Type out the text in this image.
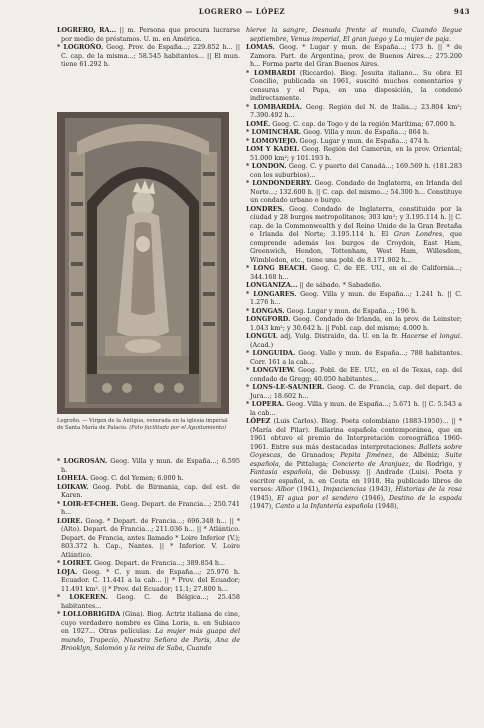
LOGRERO — LÓPEZ	943

LOGRERO, RA... || m. Persona que procura lucrarse por medio de préstamos. U. m. en América.

* LOGROÑO. Geog. Prov. de España...; 229.852 h... || C. cap. de la misma...; 58.545 habitantes... || El mun. tiene 61.292 h.

Logroño. — Virgen de la Antigua, venerada en la iglesia imperial de Santa María de Palacio. (Foto facilitada por el Ayuntamiento)

* LOGROSÁN. Geog. Villa y mun. de España...; 6.595 h.

LOHEIA. Geog. C. del Yemen; 6.000 h.

LOIKAW. Geog. Pobl. de Birmania, cap. del est. de Karen.

* LOIR-ET-CHER. Geog. Depart. de Francia...; 250.741 h...

LOIRE. Geog. * Depart. de Francia...; 696.348 h... || * (Alto). Depart. de Francia...; 211.036 h... || * Atlántico. Depart. de Francia, antes llamado * Loire Inferior (V.); 803.372 h. Cap., Nantes. || * Inferior. V. Loire Atlántico.

* LOIRET. Geog. Depart. de Francia...; 389.854 h...

LOJA. Geog. * C. y mun. de España...; 25.976 h. Ecuador. C. 11.441 a la cab... || * Prov. del Ecuador; 11.491 km². || * Prov. del Ecuador; 11.1; 27.800 h...

* LOKEREN. Geog. C. de Bélgica...; 25.458 habitantes...

* LOLLOBRIGIDA (Gina). Biog. Actriz italiana de cine, cuyo verdadero nombre es Gina Loris, n. en Subiaco en 1927... Otras películas: La mujer más guapa del mundo, Trapecio, Nuestra Señora de París, Ana de Brooklyn, Salomón y la reina de Saba, Cuando

hierve la sangre, Desnuda frente al mundo, Cuando llegue septiembre, Venus imperial, El gran juego y La mujer de paja.

LOMAS. Geog. * Lugar y mun. de España...; 173 h. || * de Zamora. Part. de Argentina, prov. de Buenos Aires...; 275.200 h... Forma parte del Gran Buenos Aires.

* LOMBARDI (Riccardo). Biog. Jesuita italiano... Su obra El Concilio, publicada en 1961, suscitó muchos comentarios y censuras y el Papa, en una disposición, la condenó indirectamente.

* LOMBARDÍA. Geog. Región del N. de Italia...; 23.804 km²; 7.390.492 h...

LOMÉ. Geog. C. cap. de Togo y de la región Marítima; 67.000 h.

* LOMINCHAR. Geog. Villa y mun. de España...; 864 h.

* LOMOVIEJO. Geog. Lugar y mun. de España...; 474 h.

LOM Y KADEI. Geog. Región del Camerún, en la prov. Oriental; 51.000 km²; y 101.193 h.

* LONDON. Geog. C. y puerto del Canadá...; 169.569 h. (181.283 con los suburbios)...

* LONDONDERRY. Geog. Condado de Inglaterra, en Irlanda del Norte...; 132.600 h. || C. cap. del mismo...; 54.300 h... Constituye un condado urbano o burgo.

LONDRES. Geog. Condado de Inglaterra, constituido por la ciudad y 28 burgos metropolitanos; 303 km²; y 3.195.114 h. || C. cap. de la Commonwealth y del Reino Unido de la Gran Bretaña e Irlanda del Norte; 3.195.114 h. El Gran Londres, que comprende además los burgos de Croydon, East Ham, Greenwich, Hendon, Tottenham, West Ham, Willesdem, Wimbledon, etc., tiene una pobl. de 8.171.902 h...

* LONG BEACH. Geog. C. de EE. UU., en el de California...; 344.168 h...

LONGANIZA... || de sábado. * Sabadeño.

* LONGARES. Geog. Villa y mun. de España...; 1.241 h. || C. 1.276 h...

* LONGAS. Geog. Lugar y mun. de España...; 196 h.

LONGFORD. Geog. Condado de Irlanda, en la prov. de Leinster; 1.043 km²; y 30.642 h. || Pobl. cap. del mismo; 4.000 h.

LONGUL adj. Vulg. Distraído, da. U. en la fr. Hacerse el longui. (Acad.)

* LONGUIDA. Geog. Valle y mun. de España...; 788 habitantes. Corr. 161 a la cab...

* LONGVIEW. Geog. Pobl. de EE. UU., en el de Texas, cap. del condado de Gregg; 40.050 habitantes...

* LONS-LE-SAUNIER. Geog. C. de Francia, cap. del depart. de Jura...; 18.602 h...

* LOPERA. Geog. Villa y mun. de España...; 5.671 h. || C. 5.543 a la cab...

LÓPEZ (Luis Carlos). Biog. Poeta colombiano (1883-1950)... || * (María del Pilar). Bailarina española contemporánea, que en 1961 obtuvo el premio de Interpretación coreográfica 1960-1961. Entre sus más destacadas interpretaciones: Ballets sobre Goyescas, de Granados; Pepita Jiménez, de Albéniz; Suite española, de Pittaluga; Concierto de Aranjuez, de Rodrigo, y Fantasía española, de Debussy. || Andrade (Luis). Poeta y escritor español, n. en Ceuta en 1918. Ha publicado libros de versos: Albor (1941), Impaciencias (1943), Historias de la rosa (1945), El agua por el sendero (1946), Destino de la espada (1947), Canto a la Infantería española (1948),
